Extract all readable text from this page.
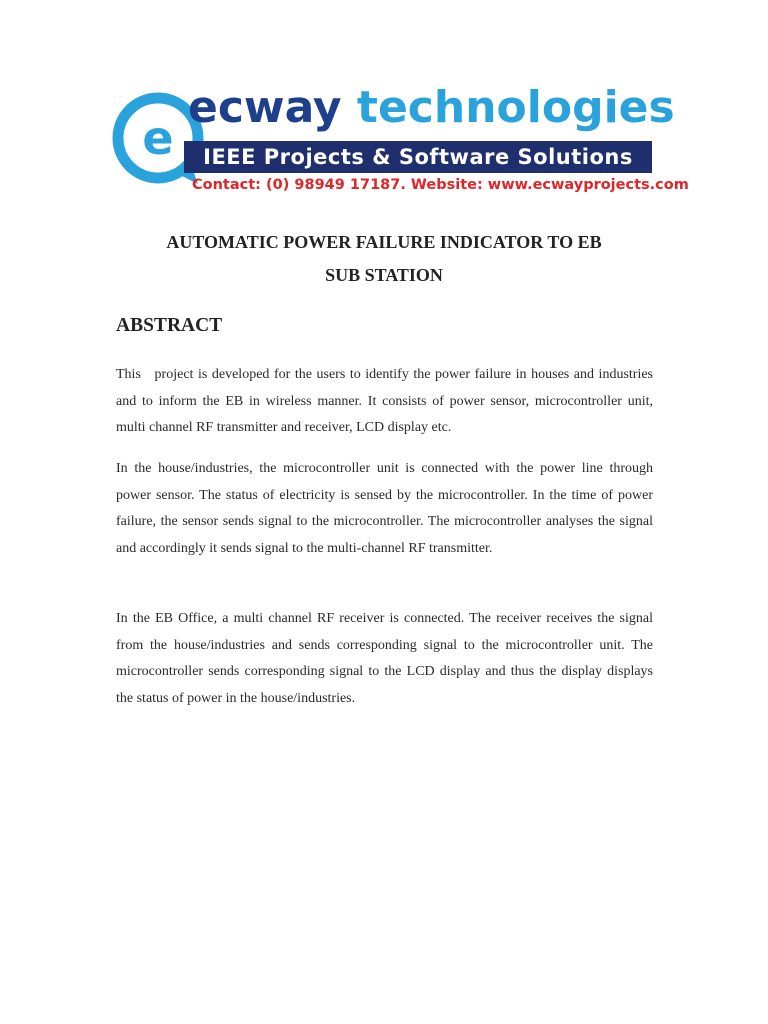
e
ecway technologies
IEEE Projects & Software Solutions
Contact: (0) 98949 17187. Website: www.ecwayprojects.com
AUTOMATIC POWER FAILURE INDICATOR TO EB
SUB STATION
ABSTRACT

This   project is developed for the users to identify the power failure in houses and industries and to inform the EB in wireless manner. It consists of power sensor, microcontroller unit, multi channel RF transmitter and receiver, LCD display etc.

In the house/industries, the microcontroller unit is connected with the power line through power sensor. The status of electricity is sensed by the microcontroller. In the time of power failure, the sensor sends signal to the microcontroller. The microcontroller analyses the signal and accordingly it sends signal to the multi-channel RF transmitter.

In the EB Office, a multi channel RF receiver is connected. The receiver receives the signal from the house/industries and sends corresponding signal to the microcontroller unit. The microcontroller sends corresponding signal to the LCD display and thus the display displays the status of power in the house/industries.
